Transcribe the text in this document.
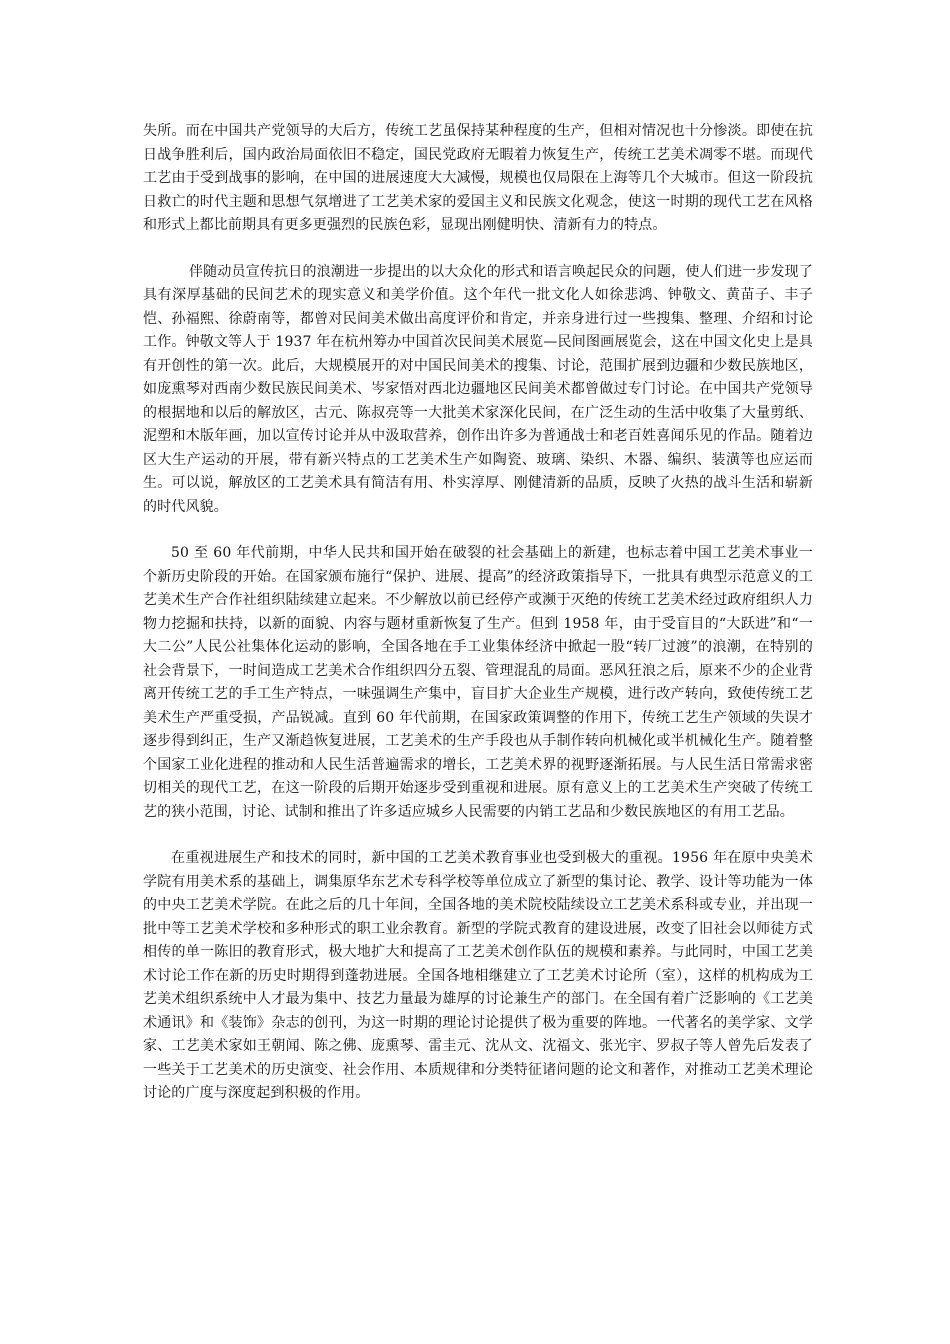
失所。而在中国共产党领导的大后方，传统工艺虽保持某种程度的生产，但相对情况也十分惨淡。即使在抗日战争胜利后，国内政治局面依旧不稳定，国民党政府无暇着力恢复生产，传统工艺美术凋零不堪。而现代工艺由于受到战事的影响，在中国的进展速度大大减慢，规模也仅局限在上海等几个大城市。但这一阶段抗日救亡的时代主题和思想气氛增进了工艺美术家的爱国主义和民族文化观念，使这一时期的现代工艺在风格和形式上都比前期具有更多更强烈的民族色彩，显现出刚健明快、清新有力的特点。

伴随动员宣传抗日的浪潮进一步提出的以大众化的形式和语言唤起民众的问题，使人们进一步发现了具有深厚基础的民间艺术的现实意义和美学价值。这个年代一批文化人如徐悲鸿、钟敬文、黄苗子、丰子恺、孙福熙、徐蔚南等，都曾对民间美术做出高度评价和肯定，并亲身进行过一些搜集、整理、介绍和讨论工作。钟敬文等人于 1937 年在杭州筹办中国首次民间美术展览—民间图画展览会，这在中国文化史上是具有开创性的第一次。此后，大规模展开的对中国民间美术的搜集、讨论，范围扩展到边疆和少数民族地区，如庞熏琴对西南少数民族民间美术、岑家悟对西北边疆地区民间美术都曾做过专门讨论。在中国共产党领导的根据地和以后的解放区，古元、陈叔亮等一大批美术家深化民间，在广泛生动的生活中收集了大量剪纸、泥塑和木版年画，加以宣传讨论并从中汲取营养，创作出许多为普通战士和老百姓喜闻乐见的作品。随着边区大生产运动的开展，带有新兴特点的工艺美术生产如陶瓷、玻璃、染织、木器、编织、装潢等也应运而生。可以说，解放区的工艺美术具有简洁有用、朴实淳厚、刚健清新的品质，反映了火热的战斗生活和崭新的时代风貌。

50 至 60 年代前期，中华人民共和国开始在破裂的社会基础上的新建，也标志着中国工艺美术事业一个新历史阶段的开始。在国家颁布施行“保护、进展、提高”的经济政策指导下，一批具有典型示范意义的工艺美术生产合作社组织陆续建立起来。不少解放以前已经停产或濒于灭绝的传统工艺美术经过政府组织人力物力挖掘和扶持，以新的面貌、内容与题材重新恢复了生产。但到 1958 年，由于受盲目的“大跃进”和“一大二公”人民公社集体化运动的影响，全国各地在手工业集体经济中掀起一股“转厂过渡”的浪潮，在特别的社会背景下，一时间造成工艺美术合作组织四分五裂、管理混乱的局面。恶风狂浪之后，原来不少的企业背离开传统工艺的手工生产特点，一味强调生产集中，盲目扩大企业生产规模，进行改产转向，致使传统工艺美术生产严重受损，产品锐减。直到 60 年代前期，在国家政策调整的作用下，传统工艺生产领域的失误才逐步得到纠正，生产又渐趋恢复进展，工艺美术的生产手段也从手制作转向机械化或半机械化生产。随着整个国家工业化进程的推动和人民生活普遍需求的增长，工艺美术界的视野逐渐拓展。与人民生活日常需求密切相关的现代工艺，在这一阶段的后期开始逐步受到重视和进展。原有意义上的工艺美术生产突破了传统工艺的狭小范围，讨论、试制和推出了许多适应城乡人民需要的内销工艺品和少数民族地区的有用工艺品。

在重视进展生产和技术的同时，新中国的工艺美术教育事业也受到极大的重视。1956 年在原中央美术学院有用美术系的基础上，调集原华东艺术专科学校等单位成立了新型的集讨论、教学、设计等功能为一体的中央工艺美术学院。在此之后的几十年间，全国各地的美术院校陆续设立工艺美术系科或专业，并出现一批中等工艺美术学校和多种形式的职工业余教育。新型的学院式教育的建设进展，改变了旧社会以师徒方式相传的单一陈旧的教育形式，极大地扩大和提高了工艺美术创作队伍的规模和素养。与此同时，中国工艺美术讨论工作在新的历史时期得到蓬勃进展。全国各地相继建立了工艺美术讨论所（室），这样的机构成为工艺美术组织系统中人才最为集中、技艺力量最为雄厚的讨论兼生产的部门。在全国有着广泛影响的《工艺美术通讯》和《装饰》杂志的创刊，为这一时期的理论讨论提供了极为重要的阵地。一代著名的美学家、文学家、工艺美术家如王朝闻、陈之佛、庞熏琴、雷圭元、沈从文、沈福文、张光宇、罗叔子等人曾先后发表了一些关于工艺美术的历史演变、社会作用、本质规律和分类特征诸问题的论文和著作，对推动工艺美术理论讨论的广度与深度起到积极的作用。
